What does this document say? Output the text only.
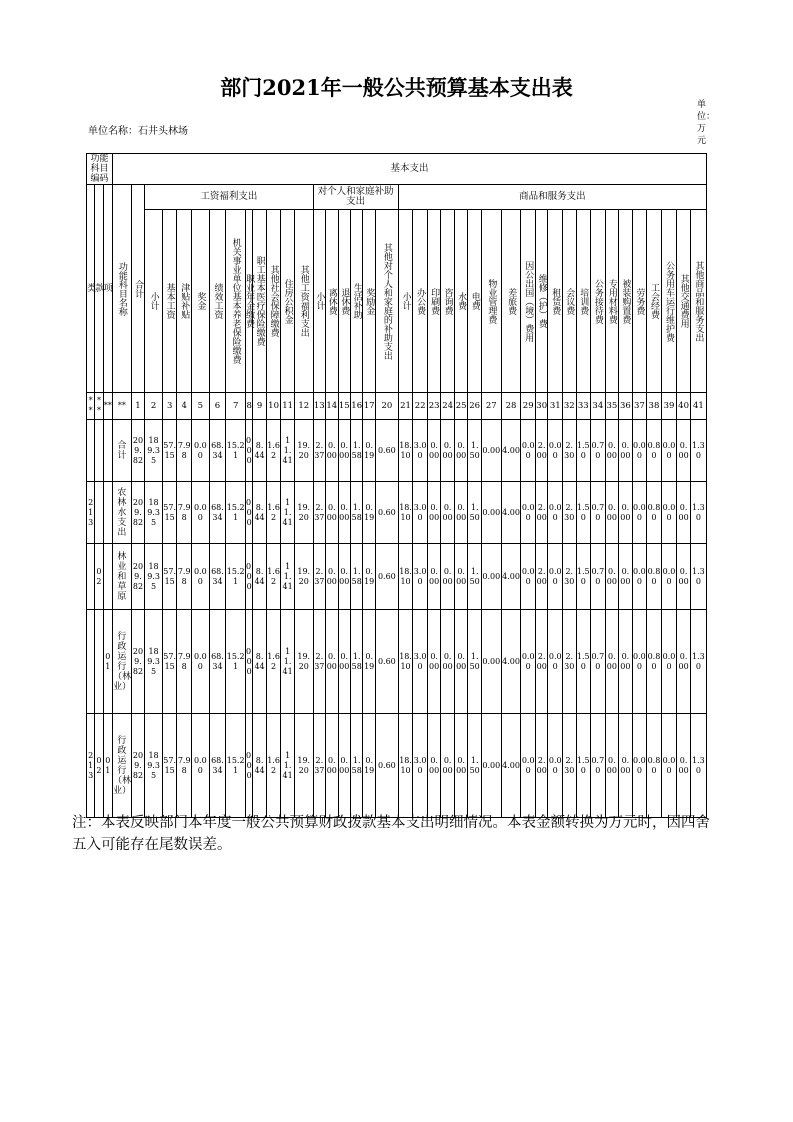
部门2021年一般公共预算基本支出表
单位名称：石井头林场
单位：万元
功能科目编码			基本支出																																							
类	款	项	功能科目名称	合计	工资福利支出											对个人和家庭补助支出						商品和服务支出																				
					小计	基本工资	津贴补贴	奖金	绩效工资	机关事业单位基本养老保险缴费	职业年金缴费	职工基本医疗保险缴费	其他社会保障缴费	住房公积金	其他工资福利支出	小计	离休费	退休费	生活补助	奖励金	其他对个人和家庭的补助支出	小计	办公费	印刷费	咨询费	水费	电费	物业管理费	差旅费	因公出国（境）费用	维修（护）费	租赁费	会议费	培训费	公务接待费	专用材料费	被装购置费	劳务费	工会经费	公务用车运行维护费	其他交通费用	其他商品和服务支出

**	**	**	**	1	2	3	4	5	6	7	8	9	10	11	12	13	14	15	16	17	20	21	22	23	24	25	26	27	28	29	30	31	32	33	34	35	36	37	38	39	40	41
			合计	209.82	189.35	57.15	7.98	0.00	68.34	15.21	0.00	8.44	1.62	11.41	19.20	2.37	0.00	0.00	1.58	0.19	0.60	18.10	3.00	0.00	0.00	0.00	1.50	0.00	4.00	0.00	2.00	0.00	2.30	1.50	0.70	0.00	0.00	0.00	0.80	0.00	0.00	1.30
213			农林水支出	209.82	189.35	57.15	7.98	0.00	68.34	15.21	0.00	8.44	1.62	11.41	19.20	2.37	0.00	0.00	1.58	0.19	0.60	18.10	3.00	0.00	0.00	0.00	1.50	0.00	4.00	0.00	2.00	0.00	2.30	1.50	0.70	0.00	0.00	0.00	0.80	0.00	0.00	1.30
	02		林业和草原	209.82	189.35	57.15	7.98	0.00	68.34	15.21	0.00	8.44	1.62	11.41	19.20	2.37	0.00	0.00	1.58	0.19	0.60	18.10	3.00	0.00	0.00	0.00	1.50	0.00	4.00	0.00	2.00	0.00	2.30	1.50	0.70	0.00	0.00	0.00	0.80	0.00	0.00	1.30
		01	行政运行（林业）	209.82	189.35	57.15	7.98	0.00	68.34	15.21	0.00	8.44	1.62	11.41	19.20	2.37	0.00	0.00	1.58	0.19	0.60	18.10	3.00	0.00	0.00	0.00	1.50	0.00	4.00	0.00	2.00	0.00	2.30	1.50	0.70	0.00	0.00	0.00	0.80	0.00	0.00	1.30
213	02	01	行政运行（林业）	209.82	189.35	57.15	7.98	0.00	68.34	15.21	0.00	8.44	1.62	11.41	19.20	2.37	0.00	0.00	1.58	0.19	0.60	18.10	3.00	0.00	0.00	0.00	1.50	0.00	4.00	0.00	2.00	0.00	2.30	1.50	0.70	0.00	0.00	0.00	0.80	0.00	0.00	1.30
注：本表反映部门本年度一般公共预算财政拨款基本支出明细情况。本表金额转换为万元时，因四舍五入可能存在尾数误差。
